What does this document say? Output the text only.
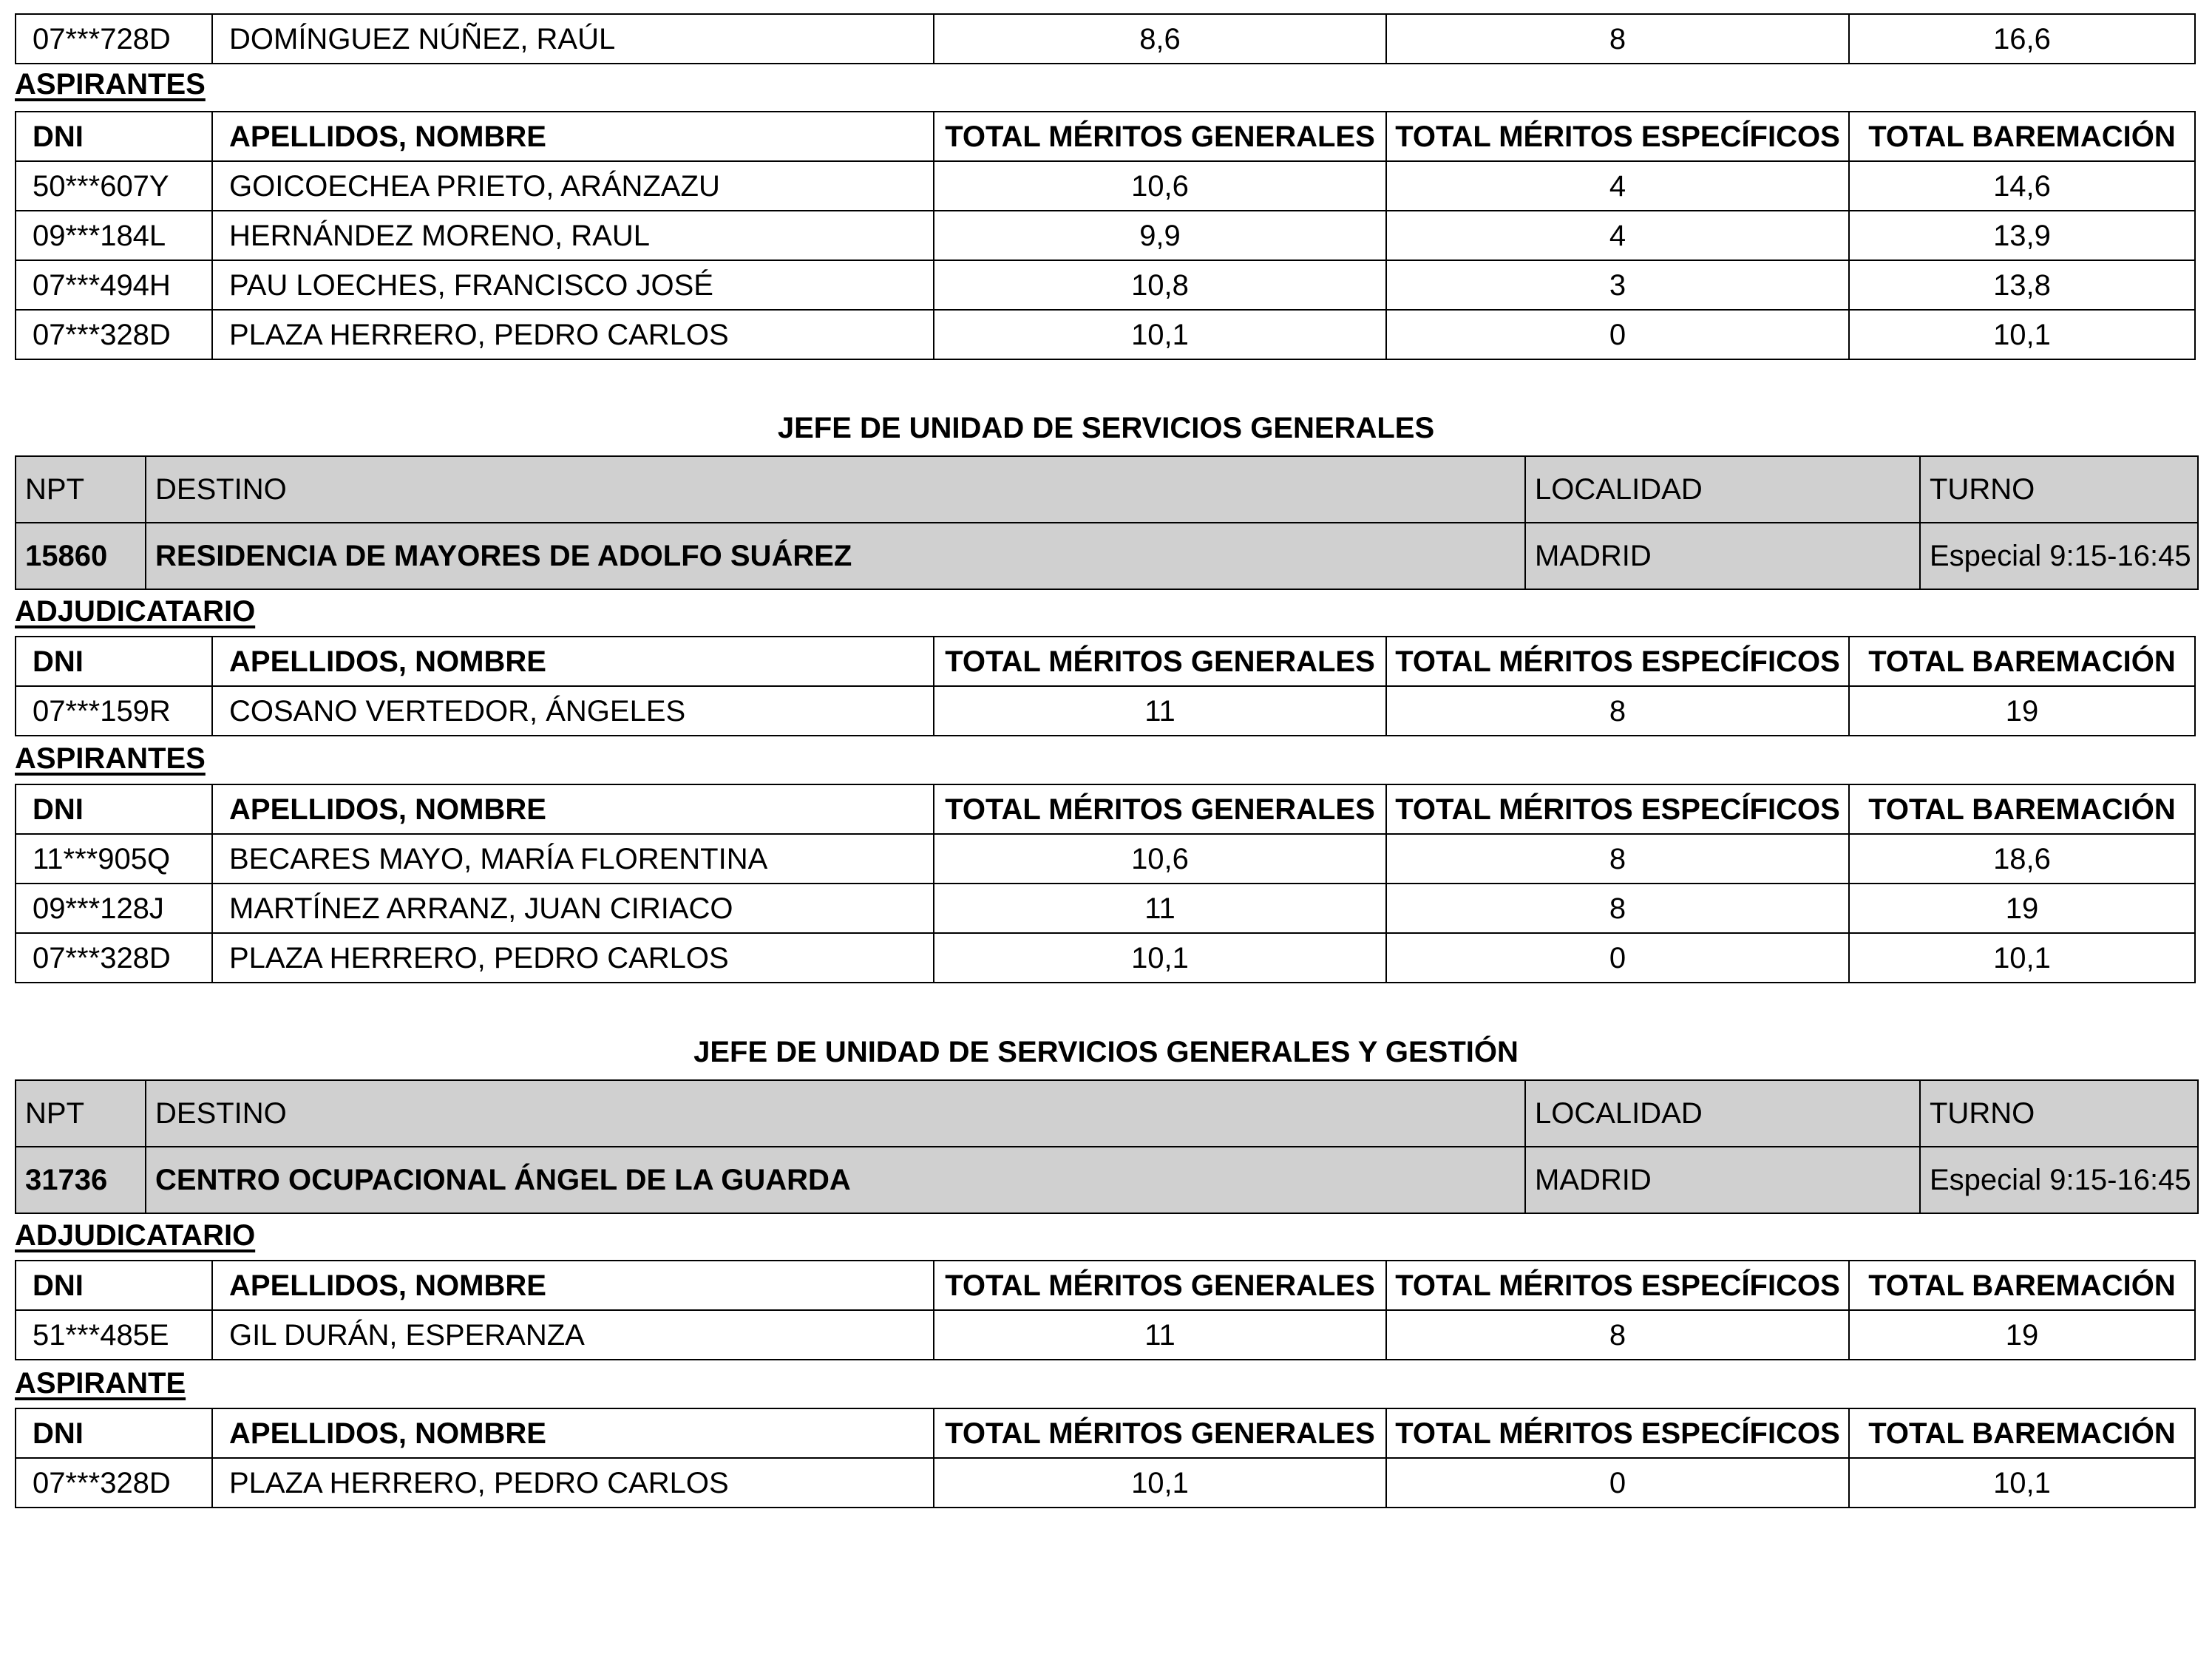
07***728D	DOMÍNGUEZ NÚÑEZ, RAÚL	8,6	8	16,6
ASPIRANTES
DNI	APELLIDOS, NOMBRE	TOTAL MÉRITOS GENERALES	TOTAL MÉRITOS ESPECÍFICOS	TOTAL BAREMACIÓN
50***607Y	GOICOECHEA PRIETO, ARÁNZAZU	10,6	4	14,6
09***184L	HERNÁNDEZ MORENO, RAUL	9,9	4	13,9
07***494H	PAU LOECHES, FRANCISCO JOSÉ	10,8	3	13,8
07***328D	PLAZA HERRERO, PEDRO CARLOS	10,1	0	10,1
JEFE DE UNIDAD DE SERVICIOS GENERALES
NPT	DESTINO	LOCALIDAD	TURNO
15860	RESIDENCIA DE MAYORES DE ADOLFO SUÁREZ	MADRID	Especial 9:15-16:45
ADJUDICATARIO
DNI	APELLIDOS, NOMBRE	TOTAL MÉRITOS GENERALES	TOTAL MÉRITOS ESPECÍFICOS	TOTAL BAREMACIÓN
07***159R	COSANO VERTEDOR, ÁNGELES	11	8	19
ASPIRANTES
DNI	APELLIDOS, NOMBRE	TOTAL MÉRITOS GENERALES	TOTAL MÉRITOS ESPECÍFICOS	TOTAL BAREMACIÓN
11***905Q	BECARES MAYO, MARÍA FLORENTINA	10,6	8	18,6
09***128J	MARTÍNEZ ARRANZ, JUAN CIRIACO	11	8	19
07***328D	PLAZA HERRERO, PEDRO CARLOS	10,1	0	10,1
JEFE DE UNIDAD DE SERVICIOS GENERALES Y GESTIÓN
NPT	DESTINO	LOCALIDAD	TURNO
31736	CENTRO OCUPACIONAL ÁNGEL DE LA GUARDA	MADRID	Especial 9:15-16:45
ADJUDICATARIO
DNI	APELLIDOS, NOMBRE	TOTAL MÉRITOS GENERALES	TOTAL MÉRITOS ESPECÍFICOS	TOTAL BAREMACIÓN
51***485E	GIL DURÁN, ESPERANZA	11	8	19
ASPIRANTE
DNI	APELLIDOS, NOMBRE	TOTAL MÉRITOS GENERALES	TOTAL MÉRITOS ESPECÍFICOS	TOTAL BAREMACIÓN
07***328D	PLAZA HERRERO, PEDRO CARLOS	10,1	0	10,1
